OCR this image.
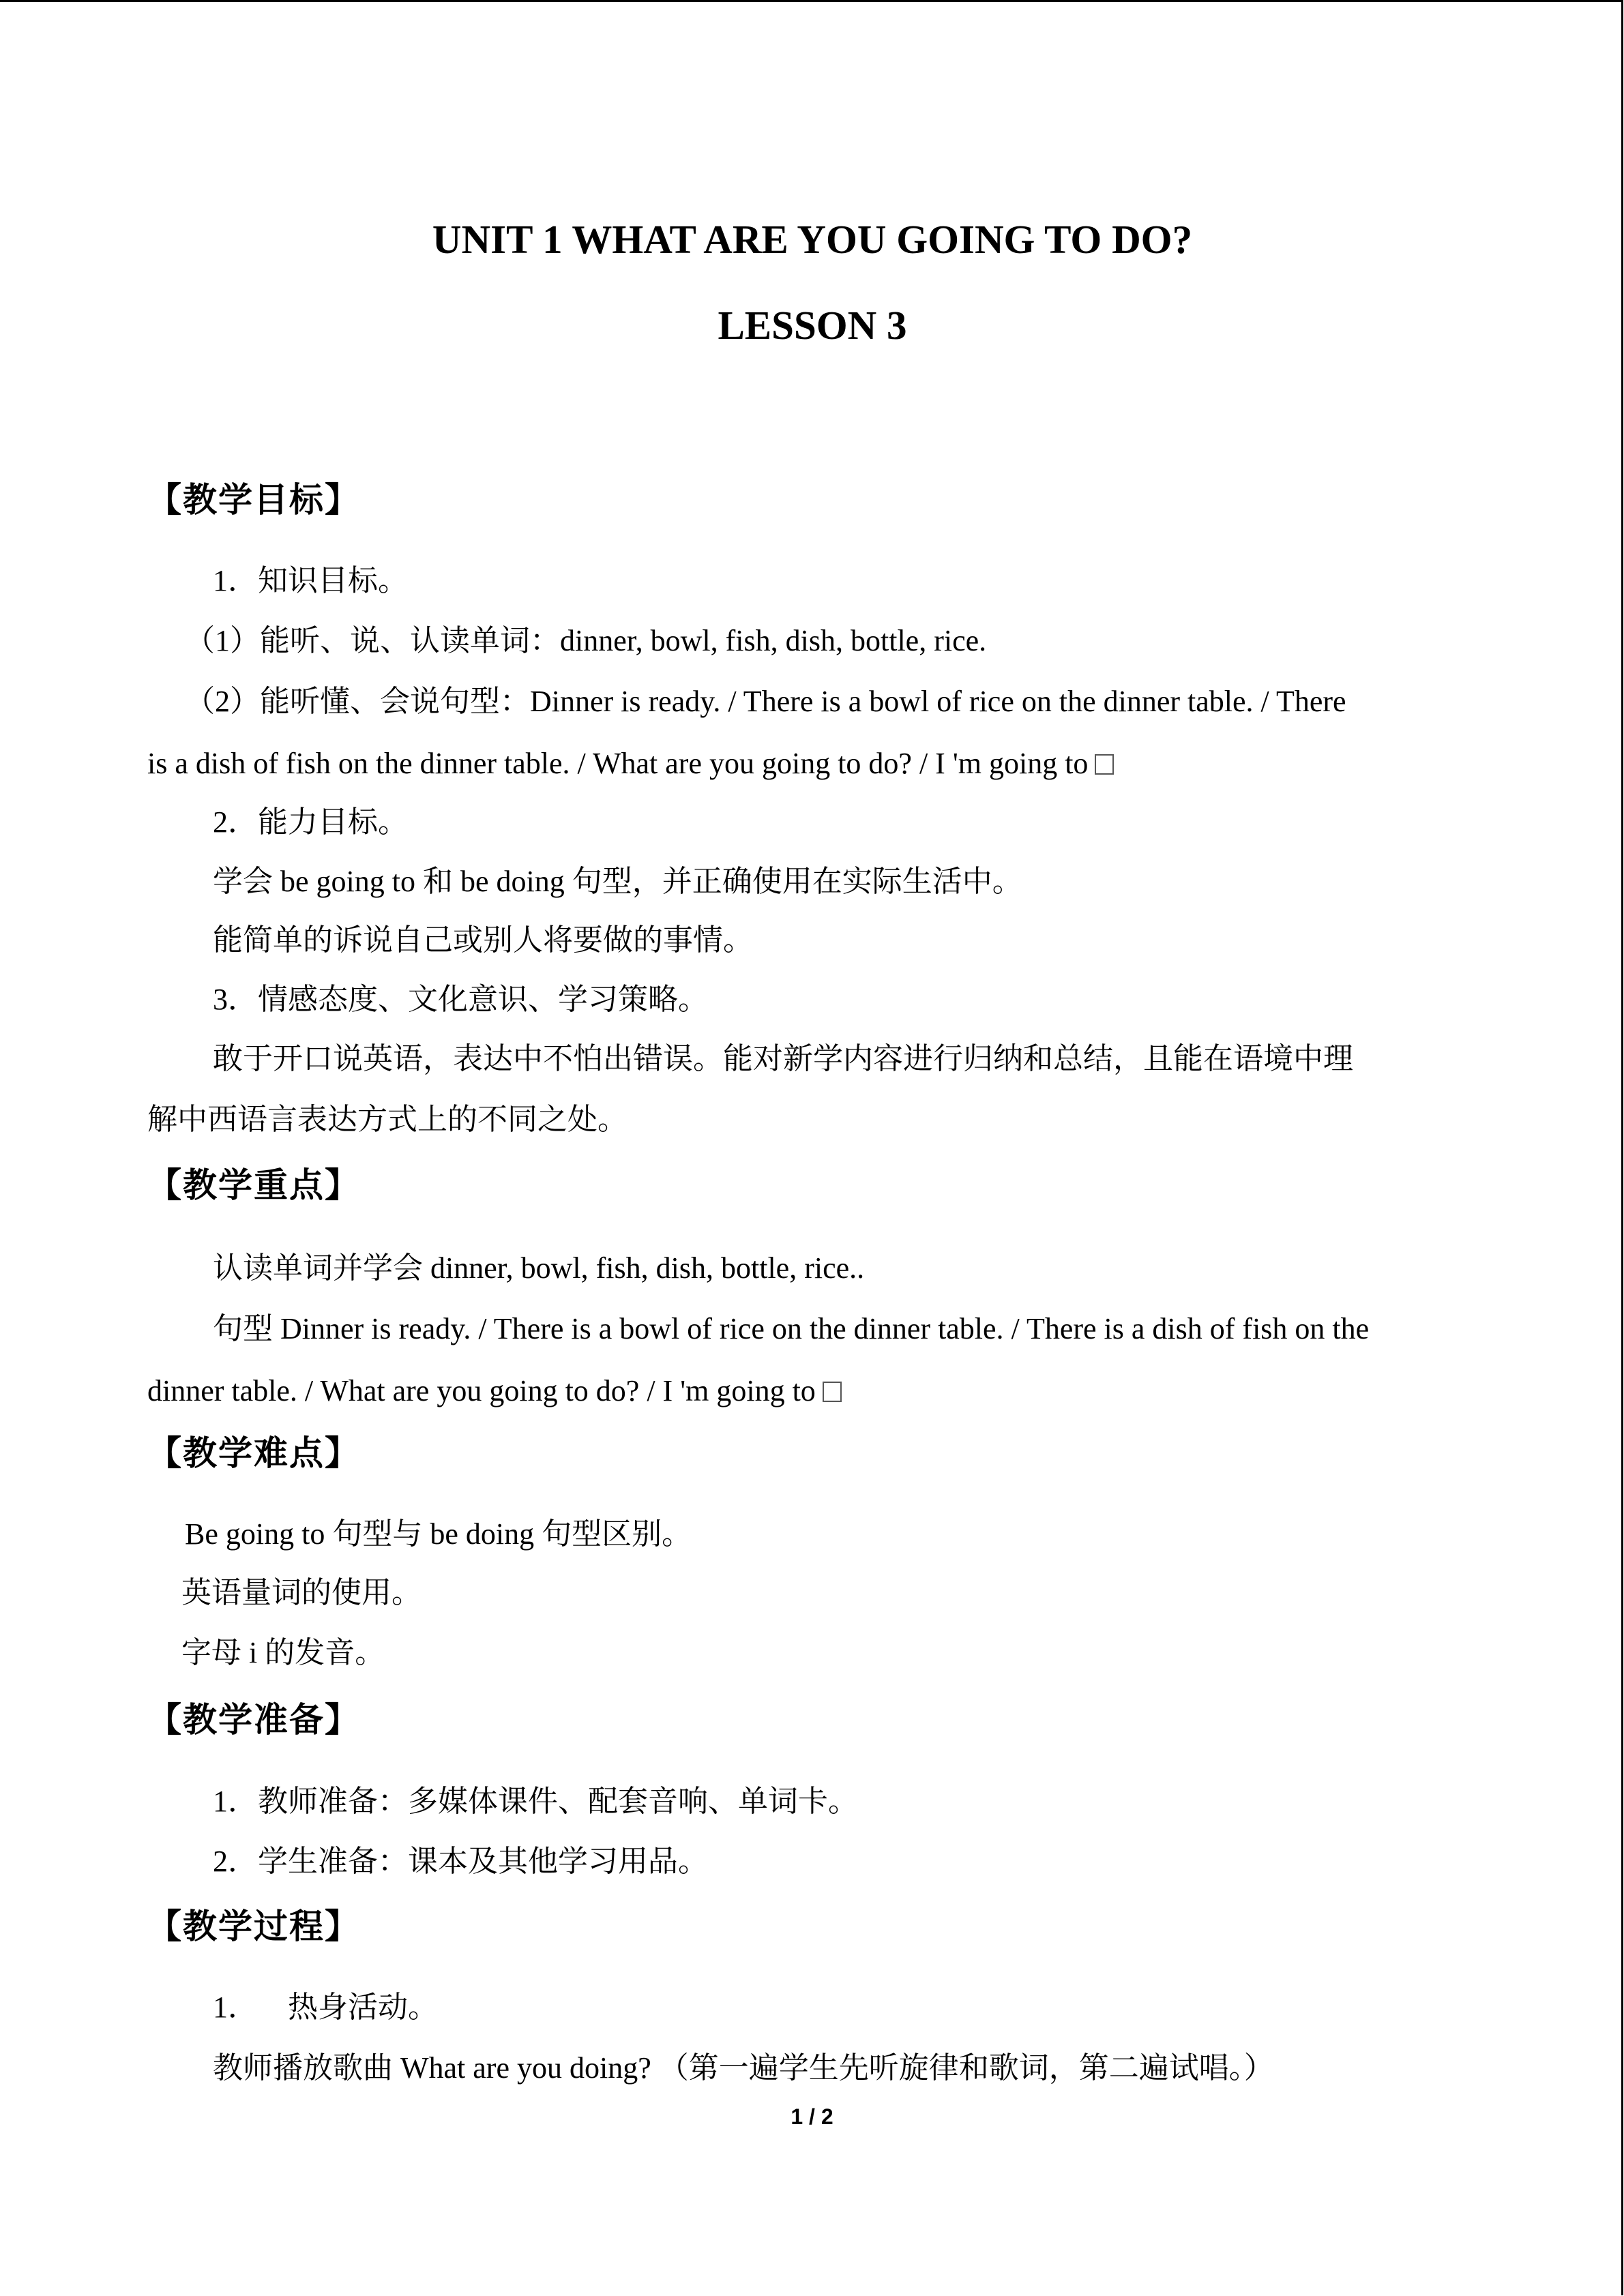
UNIT 1 WHAT ARE YOU GOING TO DO?
LESSON 3
【教学目标】
1．知识目标。
（1）能听、说、认读单词：dinner, bowl, fish, dish, bottle, rice.
（2）能听懂、会说句型：Dinner is ready. / There is a bowl of rice on the dinner table. / There
is a dish of fish on the dinner table. / What are you going to do? / I 'm going to
2．能力目标。
学会 be going to 和 be doing 句型，并正确使用在实际生活中。
能简单的诉说自己或别人将要做的事情。
3．情感态度、文化意识、学习策略。
敢于开口说英语，表达中不怕出错误。能对新学内容进行归纳和总结，且能在语境中理
解中西语言表达方式上的不同之处。
【教学重点】
认读单词并学会 dinner, bowl, fish, dish, bottle, rice..
句型 Dinner is ready. / There is a bowl of rice on the dinner table. / There is a dish of fish on the
dinner table. / What are you going to do? / I 'm going to
【教学难点】
Be going to 句型与 be doing 句型区别。
英语量词的使用。
字母 i 的发音。
【教学准备】
1．教师准备：多媒体课件、配套音响、单词卡。
2．学生准备：课本及其他学习用品。
【教学过程】
1． 热身活动。
教师播放歌曲 What are you doing? （第一遍学生先听旋律和歌词，第二遍试唱。）
1 / 2
